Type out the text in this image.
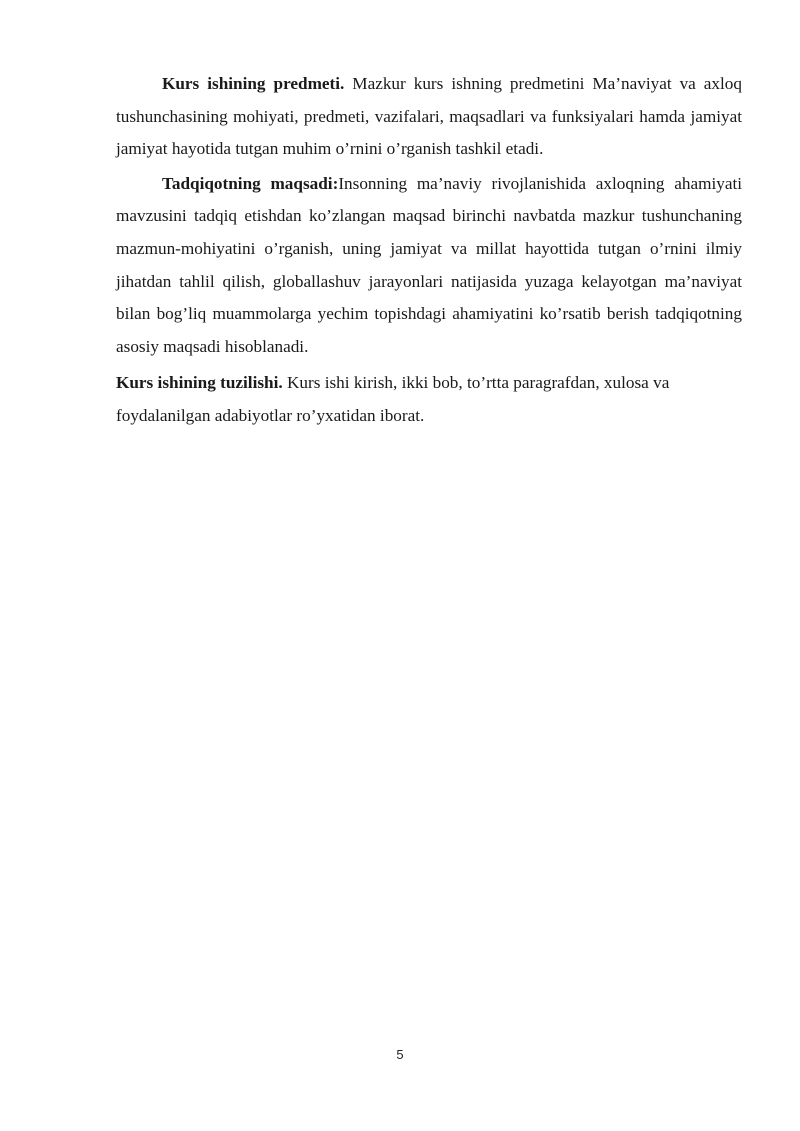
Kurs ishining predmeti. Mazkur kurs ishning predmetini Ma’naviyat va axloq tushunchasining mohiyati, predmeti, vazifalari, maqsadlari va funksiyalari hamda jamiyat jamiyat hayotida tutgan muhim o’rnini o’rganish tashkil etadi.

Tadqiqotning maqsadi:Insonning ma’naviy rivojlanishida axloqning ahamiyati mavzusini tadqiq etishdan ko’zlangan maqsad birinchi navbatda mazkur tushunchaning mazmun-mohiyatini o’rganish, uning jamiyat va millat hayottida tutgan o’rnini ilmiy jihatdan tahlil qilish, globallashuv jarayonlari natijasida yuzaga kelayotgan ma’naviyat bilan bog’liq muammolarga yechim topishdagi ahamiyatini ko’rsatib berish tadqiqotning asosiy maqsadi hisoblanadi.

Kurs ishining tuzilishi. Kurs ishi kirish, ikki bob, to’rtta paragrafdan, xulosa va foydalanilgan adabiyotlar ro’yxatidan iborat.

5
